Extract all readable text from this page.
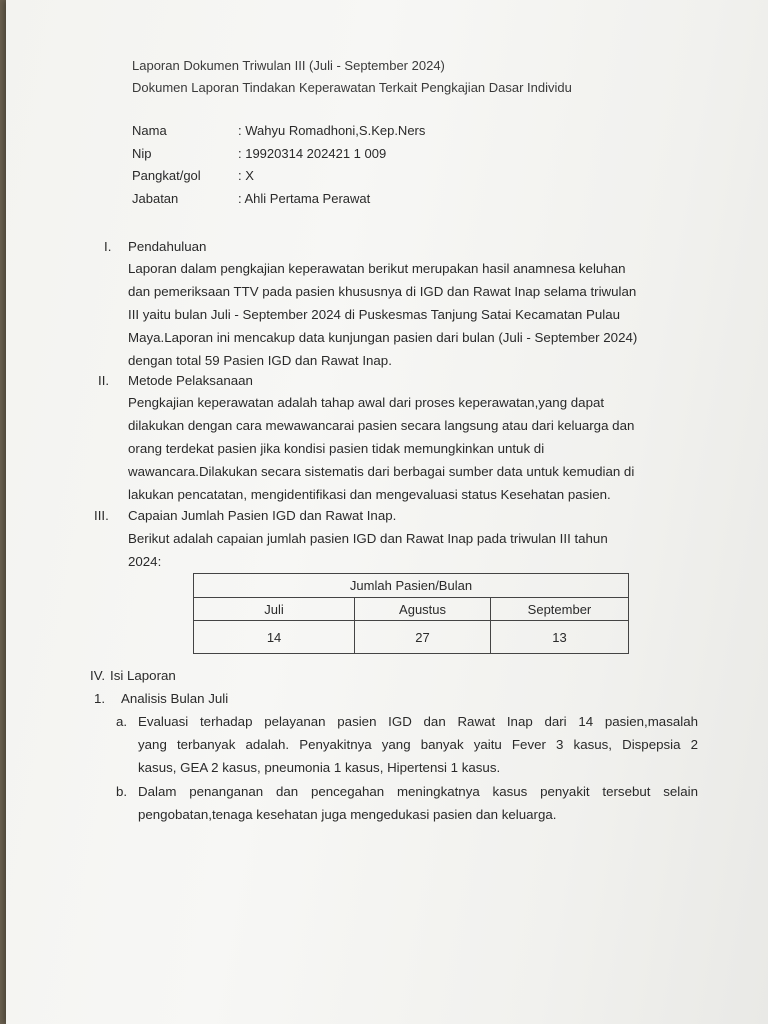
Laporan Dokumen Triwulan III (Juli - September 2024)
Dokumen Laporan Tindakan Keperawatan Terkait Pengkajian Dasar Individu
Nama	: Wahyu Romadhoni,S.Kep.Ners
Nip	: 19920314 202421 1 009
Pangkat/gol	: X
Jabatan	: Ahli Pertama Perawat
I. Pendahuluan
Laporan dalam pengkajian keperawatan berikut merupakan hasil anamnesa keluhan
dan pemeriksaan TTV pada pasien khususnya di IGD dan Rawat Inap selama triwulan
III yaitu bulan Juli - September 2024 di Puskesmas Tanjung Satai Kecamatan Pulau
Maya.Laporan ini mencakup data kunjungan pasien dari bulan (Juli - September 2024)
dengan total 59 Pasien IGD dan Rawat Inap.
II. Metode Pelaksanaan
Pengkajian keperawatan adalah tahap awal dari proses keperawatan,yang dapat
dilakukan dengan cara mewawancarai pasien secara langsung atau dari keluarga dan
orang terdekat pasien jika kondisi pasien tidak memungkinkan untuk di
wawancara.Dilakukan secara sistematis dari berbagai sumber data untuk kemudian di
lakukan pencatatan, mengidentifikasi dan mengevaluasi status Kesehatan pasien.
III. Capaian Jumlah Pasien IGD dan Rawat Inap.
Berikut adalah capaian jumlah pasien IGD dan Rawat Inap pada triwulan III tahun
2024:
Jumlah Pasien/Bulan		
Juli	Agustus	September
14	27	13
IV. Isi Laporan
1. Analisis Bulan Juli
a. Evaluasi terhadap pelayanan pasien IGD dan Rawat Inap dari 14 pasien,masalah
yang terbanyak adalah. Penyakitnya yang banyak yaitu Fever 3 kasus, Dispepsia 2
kasus, GEA 2 kasus, pneumonia 1 kasus, Hipertensi 1 kasus.
b. Dalam penanganan dan pencegahan meningkatnya kasus penyakit tersebut selain
pengobatan,tenaga kesehatan juga mengedukasi pasien dan keluarga.
